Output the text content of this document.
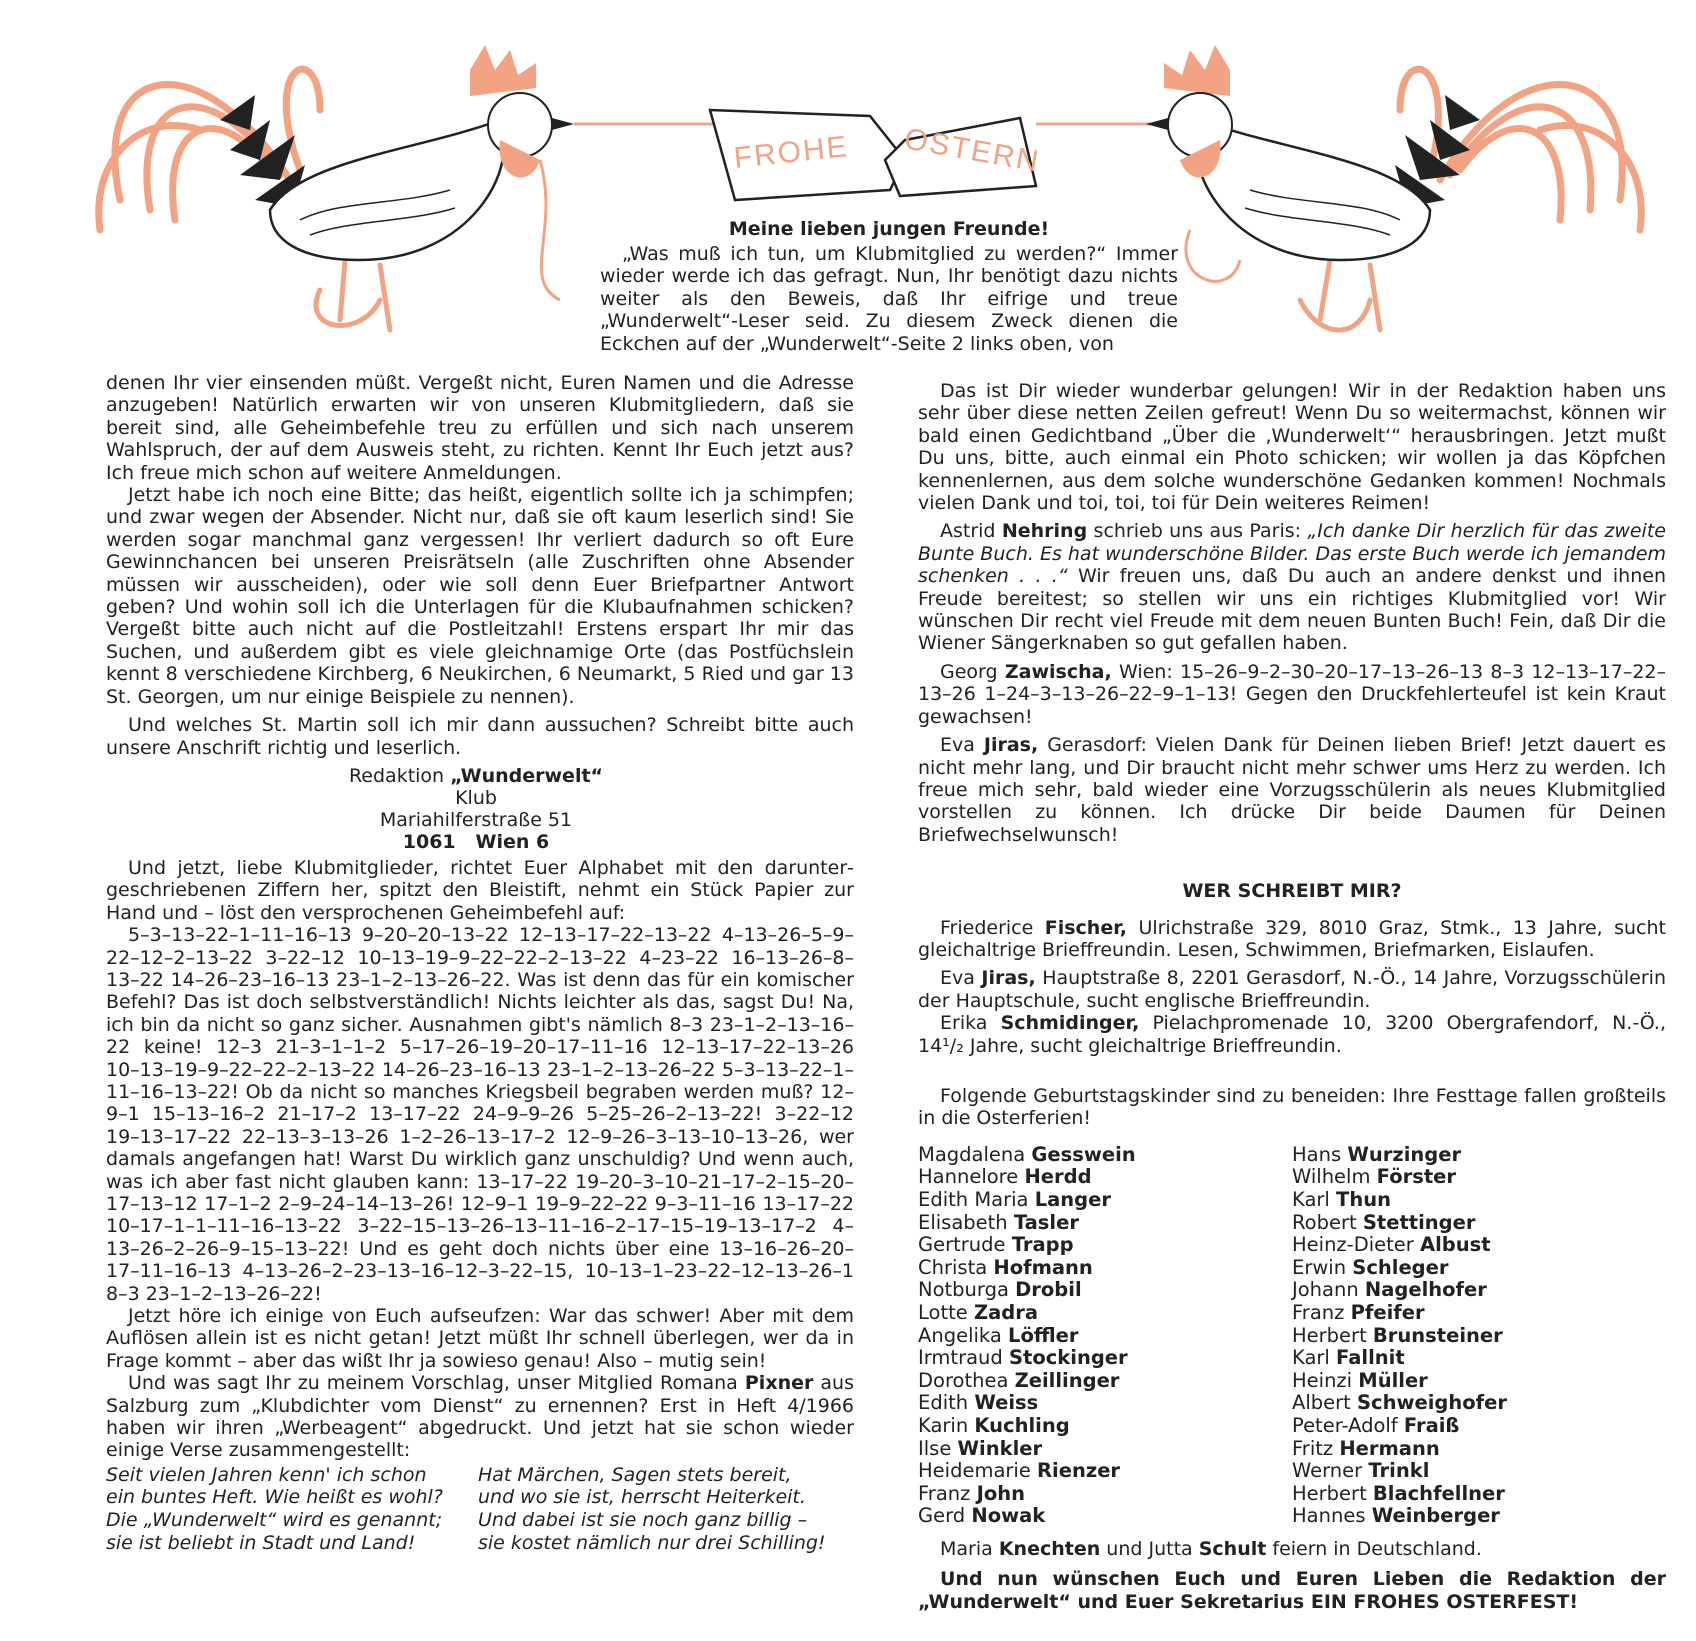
FROHE OSTERN
Meine lieben jungen Freunde!

„Was muß ich tun, um Klubmitglied zu werden?“ Immer wieder werde ich das gefragt. Nun, Ihr benötigt dazu nichts weiter als den Beweis, daß Ihr eifrige und treue „Wunderwelt“-Leser seid. Zu diesem Zweck dienen die Eckchen auf der „Wunderwelt“-Seite 2 links oben, von

denen Ihr vier einsenden müßt. Vergeßt nicht, Euren Namen und die Adresse anzugeben! Natürlich erwarten wir von unseren Klubmitgliedern, daß sie bereit sind, alle Geheimbefehle treu zu erfüllen und sich nach unserem Wahlspruch, der auf dem Ausweis steht, zu richten. Kennt Ihr Euch jetzt aus? Ich freue mich schon auf weitere Anmeldungen.

Jetzt habe ich noch eine Bitte; das heißt, eigentlich sollte ich ja schimpfen; und zwar wegen der Absender. Nicht nur, daß sie oft kaum leserlich sind! Sie werden sogar manchmal ganz vergessen! Ihr verliert dadurch so oft Eure Gewinnchancen bei unseren Preisrätseln (alle Zuschriften ohne Absender müssen wir ausscheiden), oder wie soll denn Euer Briefpartner Antwort geben? Und wohin soll ich die Unterlagen für die Klubaufnahmen schicken? Vergeßt bitte auch nicht auf die Postleitzahl! Erstens erspart Ihr mir das Suchen, und außerdem gibt es viele gleichnamige Orte (das Postfüchslein kennt 8 verschiedene Kirchberg, 6 Neukirchen, 6 Neumarkt, 5 Ried und gar 13 St. Georgen, um nur einige Beispiele zu nennen).

Und welches St. Martin soll ich mir dann aussuchen? Schreibt bitte auch unsere Anschrift richtig und leserlich.

Redaktion „Wunderwelt“
Klub
Mariahilferstraße 51
1061   Wien 6

Und jetzt, liebe Klubmitglieder, richtet Euer Alphabet mit den daruntergeschriebenen Ziffern her, spitzt den Bleistift, nehmt ein Stück Papier zur Hand und – löst den versprochenen Geheimbefehl auf:

5–3–13–22–1–11–16–13 9–20–20–13–22 12–13–17–22–13–22 4–13–26–5–9–22–12–2–13–22 3–22–12 10–13–19–9–22–22–2–13–22 4–23–22 16–13–26–8–13–22 14–26–23–16–13 23–1–2–13–26–22. Was ist denn das für ein komischer Befehl? Das ist doch selbstverständlich! Nichts leichter als das, sagst Du! Na, ich bin da nicht so ganz sicher. Ausnahmen gibt's nämlich 8–3 23–1–2–13–16–22 keine! 12–3 21–3–1–1–2 5–17–26–19–20–17–11–16 12–13–17–22–13–26 10–13–19–9–22–22–2–13–22 14–26–23–16–13 23–1–2–13–26–22 5–3–13–22–1–11–16–13–22! Ob da nicht so manches Kriegsbeil begraben werden muß? 12–9–1 15–13–16–2 21–17–2 13–17–22 24–9–9–26 5–25–26–2–13–22! 3–22–12 19–13–17–22 22–13–3–13–26 1–2–26–13–17–2 12–9–26–3–13–10–13–26, wer damals angefangen hat! Warst Du wirklich ganz unschuldig? Und wenn auch, was ich aber fast nicht glauben kann: 13–17–22 19–20–3–10–21–17–2–15–20–17–13–12 17–1–2 2–9–24–14–13–26! 12–9–1 19–9–22–22 9–3–11–16 13–17–22 10–17–1–1–11–16–13–22 3–22–15–13–26–13–11–16–2–17–15–19–13–17–2 4–13–26–2–26–9–15–13–22! Und es geht doch nichts über eine 13–16–26–20–17–11–16–13 4–13–26–2–23–13–16–12–3–22–15, 10–13–1–23–22–12–13–26–1 8–3 23–1–2–13–26–22!

Jetzt höre ich einige von Euch aufseufzen: War das schwer! Aber mit dem Auflösen allein ist es nicht getan! Jetzt müßt Ihr schnell überlegen, wer da in Frage kommt – aber das wißt Ihr ja sowieso genau! Also – mutig sein!

Und was sagt Ihr zu meinem Vorschlag, unser Mitglied Romana Pixner aus Salzburg zum „Klubdichter vom Dienst“ zu ernennen? Erst in Heft 4/1966 haben wir ihren „Werbeagent“ abgedruckt. Und jetzt hat sie schon wieder einige Verse zusammengestellt:

Seit vielen Jahren kenn' ich schon
ein buntes Heft. Wie heißt es wohl?
Die „Wunderwelt“ wird es genannt;
sie ist beliebt in Stadt und Land!
Hat Märchen, Sagen stets bereit,
und wo sie ist, herrscht Heiterkeit.
Und dabei ist sie noch ganz billig –
sie kostet nämlich nur drei Schilling!

Das ist Dir wieder wunderbar gelungen! Wir in der Redaktion haben uns sehr über diese netten Zeilen gefreut! Wenn Du so weitermachst, können wir bald einen Gedichtband „Über die ‚Wunderwelt‘“ herausbringen. Jetzt mußt Du uns, bitte, auch einmal ein Photo schicken; wir wollen ja das Köpfchen kennenlernen, aus dem solche wunderschöne Gedanken kommen! Nochmals vielen Dank und toi, toi, toi für Dein weiteres Reimen!

Astrid Nehring schrieb uns aus Paris: „Ich danke Dir herzlich für das zweite Bunte Buch. Es hat wunderschöne Bilder. Das erste Buch werde ich jemandem schenken . . .“ Wir freuen uns, daß Du auch an andere denkst und ihnen Freude bereitest; so stellen wir uns ein richtiges Klubmitglied vor! Wir wünschen Dir recht viel Freude mit dem neuen Bunten Buch! Fein, daß Dir die Wiener Sängerknaben so gut gefallen haben.

Georg Zawischa, Wien: 15–26–9–2–30–20–17–13–26–13 8–3 12–13–17–22–13–26 1–24–3–13–26–22–9–1–13! Gegen den Druckfehlerteufel ist kein Kraut gewachsen!

Eva Jiras, Gerasdorf: Vielen Dank für Deinen lieben Brief! Jetzt dauert es nicht mehr lang, und Dir braucht nicht mehr schwer ums Herz zu werden. Ich freue mich sehr, bald wieder eine Vorzugsschülerin als neues Klubmitglied vorstellen zu können. Ich drücke Dir beide Daumen für Deinen Briefwechselwunsch!

WER SCHREIBT MIR?

Friederice Fischer, Ulrichstraße 329, 8010 Graz, Stmk., 13 Jahre, sucht gleichaltrige Brieffreundin. Lesen, Schwimmen, Briefmarken, Eislaufen.

Eva Jiras, Hauptstraße 8, 2201 Gerasdorf, N.-Ö., 14 Jahre, Vorzugsschülerin der Hauptschule, sucht englische Brieffreundin.

Erika Schmidinger, Pielachpromenade 10, 3200 Obergrafendorf, N.-Ö., 14¹/₂ Jahre, sucht gleichaltrige Brieffreundin.

Folgende Geburtstagskinder sind zu beneiden: Ihre Festtage fallen großteils in die Osterferien!

Magdalena Gesswein
Hannelore Herdd
Edith Maria Langer
Elisabeth Tasler
Gertrude Trapp
Christa Hofmann
Notburga Drobil
Lotte Zadra
Angelika Löffler
Irmtraud Stockinger
Dorothea Zeillinger
Edith Weiss
Karin Kuchling
Ilse Winkler
Heidemarie Rienzer
Franz John
Gerd Nowak
Hans Wurzinger
Wilhelm Förster
Karl Thun
Robert Stettinger
Heinz-Dieter Albust
Erwin Schleger
Johann Nagelhofer
Franz Pfeifer
Herbert Brunsteiner
Karl Fallnit
Heinzi Müller
Albert Schweighofer
Peter-Adolf Fraiß
Fritz Hermann
Werner Trinkl
Herbert Blachfellner
Hannes Weinberger

Maria Knechten und Jutta Schult feiern in Deutschland.

Und nun wünschen Euch und Euren Lieben die Redaktion der „Wunderwelt“ und Euer Sekretarius EIN FROHES OSTERFEST!
